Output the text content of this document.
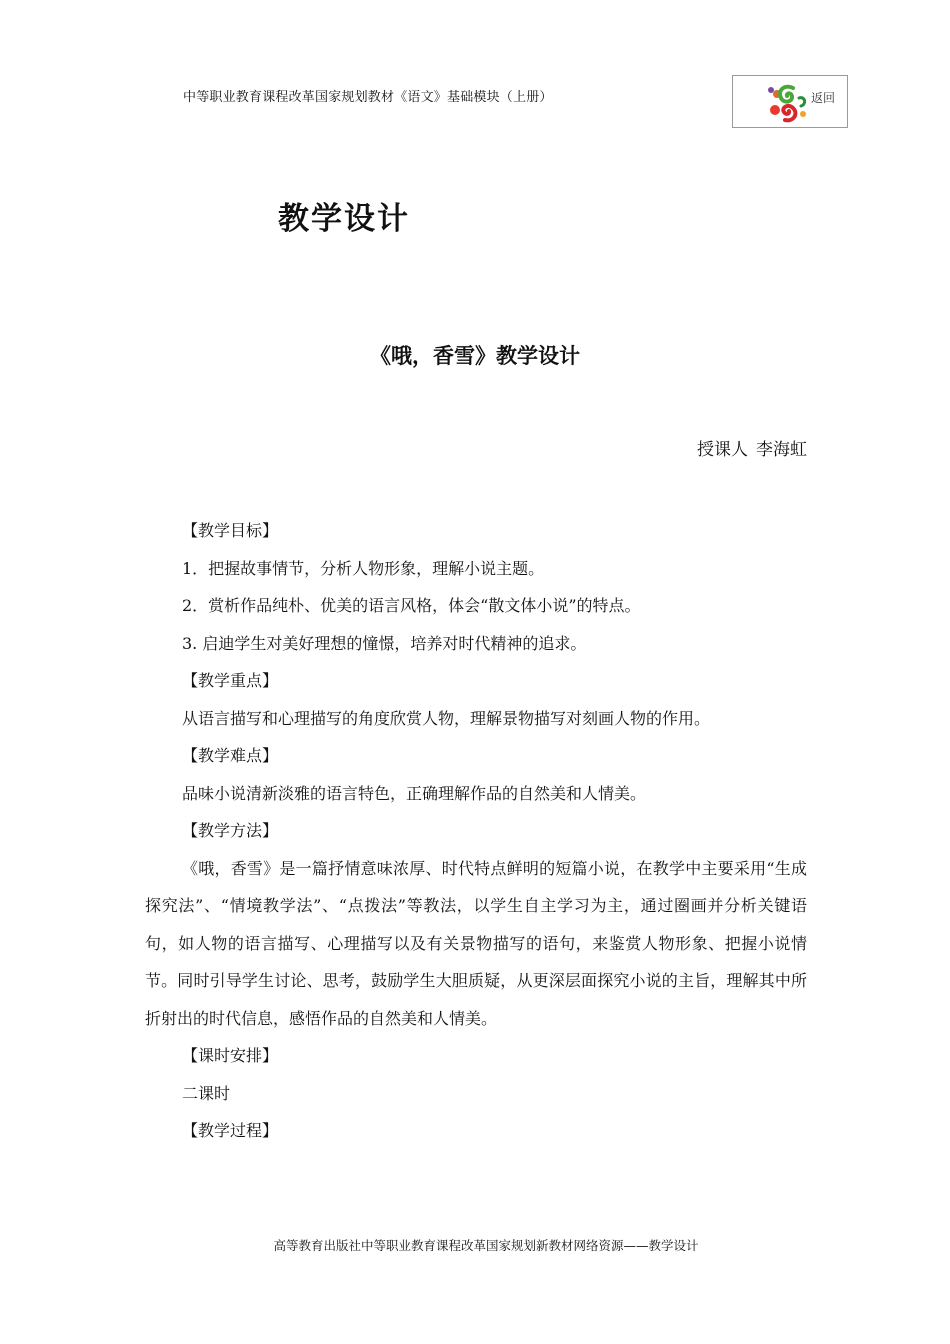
中等职业教育课程改革国家规划教材《语文》基础模块（上册）	返回
教学设计
《哦，香雪》教学设计
授课人 李海虹

【教学目标】

1．把握故事情节，分析人物形象，理解小说主题。

2．赏析作品纯朴、优美的语言风格，体会“散文体小说”的特点。

3. 启迪学生对美好理想的憧憬，培养对时代精神的追求。

【教学重点】

从语言描写和心理描写的角度欣赏人物，理解景物描写对刻画人物的作用。

【教学难点】

品味小说清新淡雅的语言特色，正确理解作品的自然美和人情美。

【教学方法】

《哦，香雪》是一篇抒情意味浓厚、时代特点鲜明的短篇小说，在教学中主要采用“生成探究法”、“情境教学法”、“点拨法”等教法，以学生自主学习为主，通过圈画并分析关键语句，如人物的语言描写、心理描写以及有关景物描写的语句，来鉴赏人物形象、把握小说情节。同时引导学生讨论、思考，鼓励学生大胆质疑，从更深层面探究小说的主旨，理解其中所折射出的时代信息，感悟作品的自然美和人情美。

【课时安排】

二课时

【教学过程】

高等教育出版社中等职业教育课程改革国家规划新教材网络资源——教学设计
